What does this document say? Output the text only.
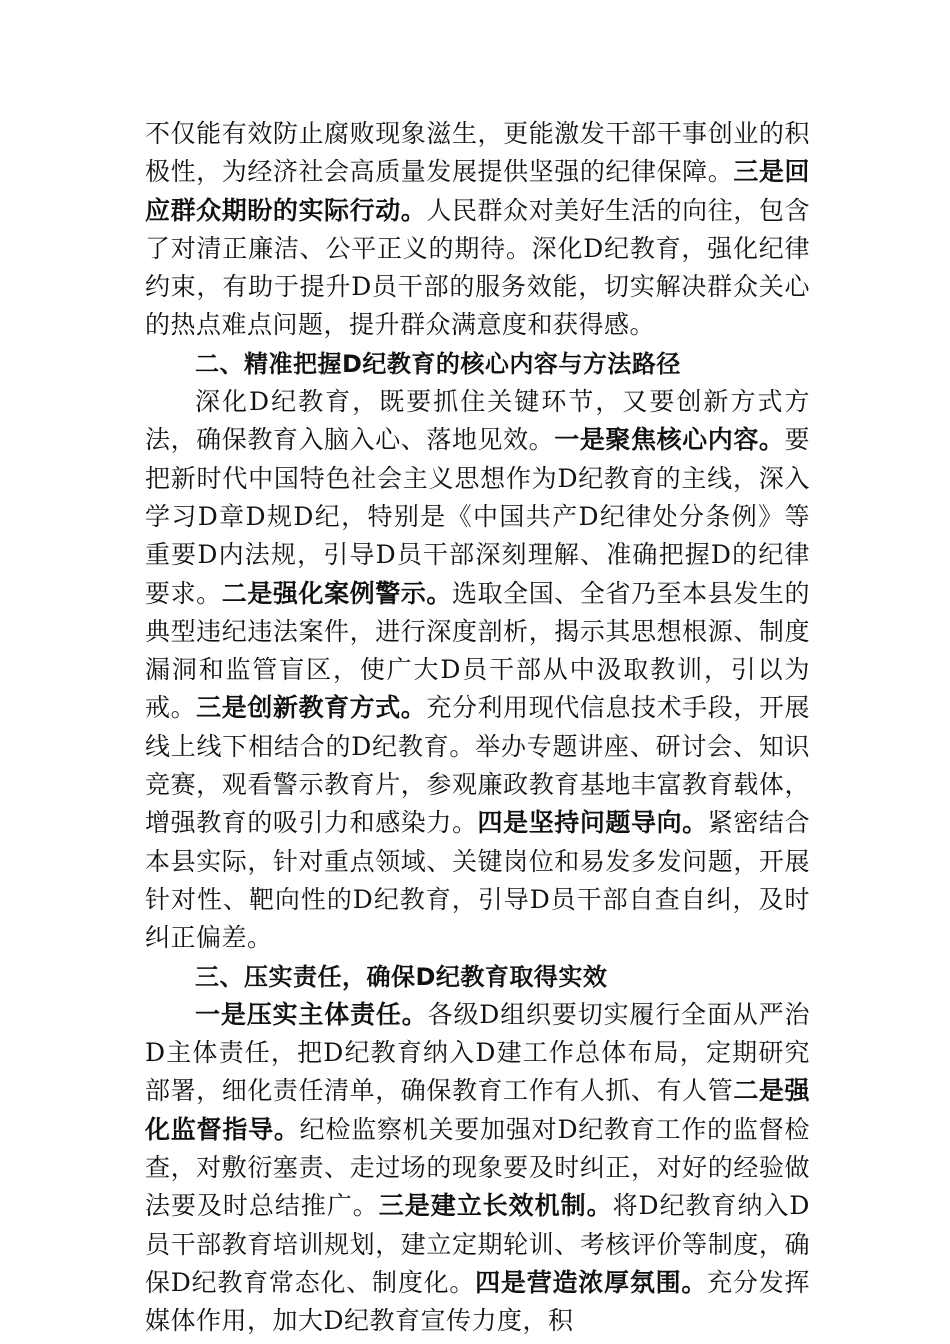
不仅能有效防止腐败现象滋生，更能激发干部干事创业的积极性，为经济社会高质量发展提供坚强的纪律保障。三是回应群众期盼的实际行动。人民群众对美好生活的向往，包含了对清正廉洁、公平正义的期待。深化D纪教育，强化纪律约束，有助于提升D员干部的服务效能，切实解决群众关心的热点难点问题，提升群众满意度和获得感。

二、精准把握D纪教育的核心内容与方法路径

深化D纪教育，既要抓住关键环节，又要创新方式方法，确保教育入脑入心、落地见效。一是聚焦核心内容。要把新时代中国特色社会主义思想作为D纪教育的主线，深入学习D章D规D纪，特别是《中国共产D纪律处分条例》等重要D内法规，引导D员干部深刻理解、准确把握D的纪律要求。二是强化案例警示。选取全国、全省乃至本县发生的典型违纪违法案件，进行深度剖析，揭示其思想根源、制度漏洞和监管盲区，使广大D员干部从中汲取教训，引以为戒。三是创新教育方式。充分利用现代信息技术手段，开展线上线下相结合的D纪教育。举办专题讲座、研讨会、知识竞赛，观看警示教育片，参观廉政教育基地丰富教育载体，增强教育的吸引力和感染力。四是坚持问题导向。紧密结合本县实际，针对重点领域、关键岗位和易发多发问题，开展针对性、靶向性的D纪教育，引导D员干部自查自纠，及时纠正偏差。

三、压实责任，确保D纪教育取得实效

一是压实主体责任。各级D组织要切实履行全面从严治D主体责任，把D纪教育纳入D建工作总体布局，定期研究部署，细化责任清单，确保教育工作有人抓、有人管二是强化监督指导。纪检监察机关要加强对D纪教育工作的监督检查，对敷衍塞责、走过场的现象要及时纠正，对好的经验做法要及时总结推广。三是建立长效机制。将D纪教育纳入D员干部教育培训规划，建立定期轮训、考核评价等制度，确保D纪教育常态化、制度化。四是营造浓厚氛围。充分发挥媒体作用，加大D纪教育宣传力度，积
